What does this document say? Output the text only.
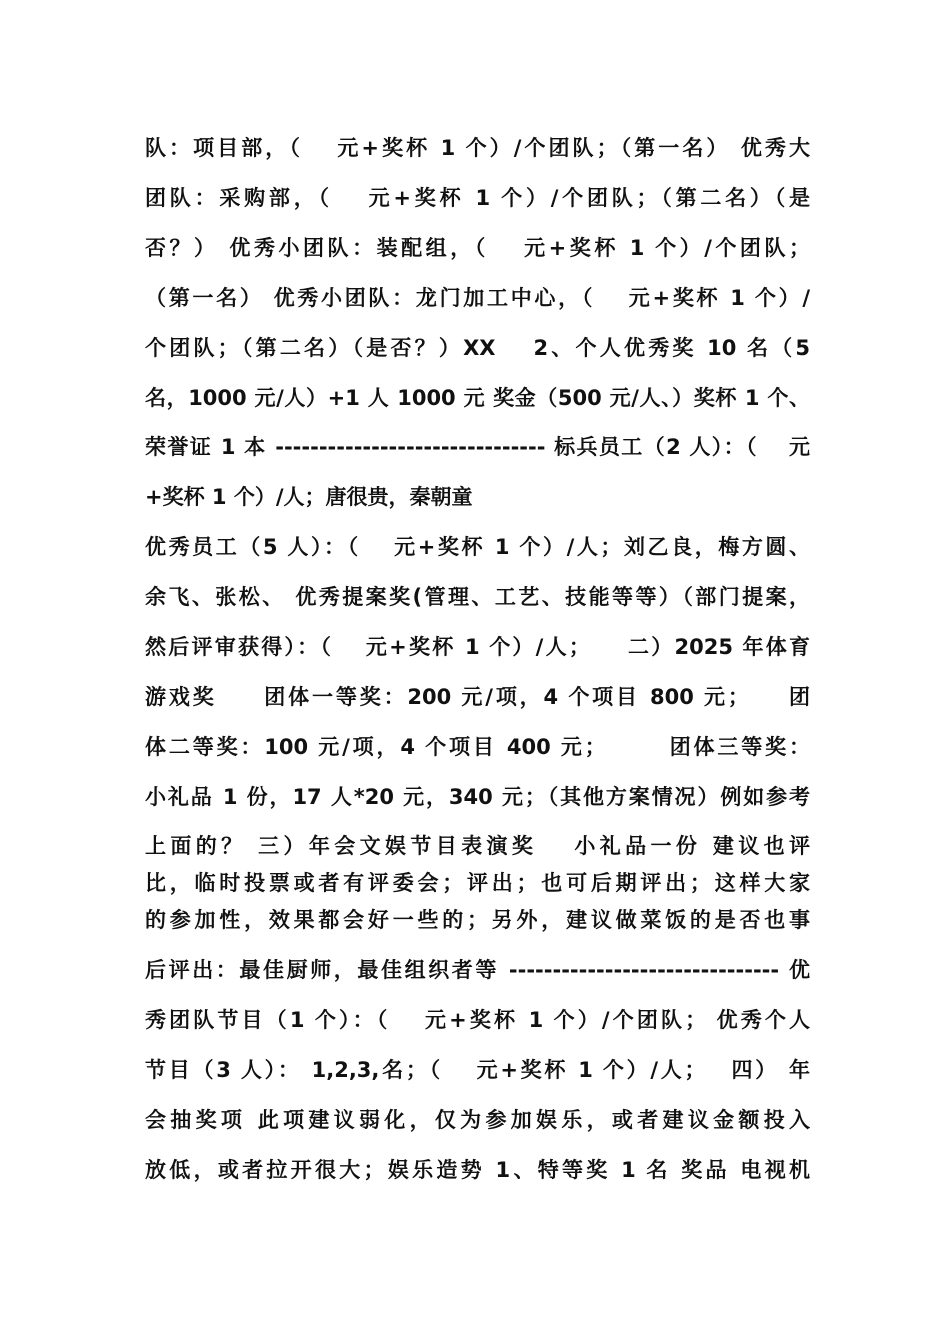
队：项目部，（　 元+奖杯 1 个）/个团队；（第一名） 优秀大
团队：采购部，（　 元+奖杯 1 个）/个团队；（第二名）（是
否？） 优秀小团队：装配组，（　 元+奖杯 1 个）/个团队；
（第一名） 优秀小团队：龙门加工中心，（　 元+奖杯 1 个）/
个团队；（第二名）（是否？）XX　 2、个人优秀奖 10 名（5
名，1000 元/人）+1 人 1000 元 奖金（500 元/人、）奖杯 1 个、
荣誉证 1 本 ------------------------------- 标兵员工（2 人）：（　 元
+奖杯 1 个）/人；唐很贵，秦朝童
优秀员工（5 人）：（　 元+奖杯 1 个）/人；刘乙良，梅方圆、
余飞、张松、 优秀提案奖(管理、工艺、技能等等）（部门提案，
然后评审获得）：（　 元+奖杯 1 个）/人；　　二）2025 年体育
游戏奖　　团体一等奖：200 元/项，4 个项目 800 元；　　团
体二等奖：100 元/项，4 个项目 400 元；　　　团体三等奖：
小礼品 1 份，17 人*20 元，340 元；（其他方案情况）例如参考
上面的？ 三）年会文娱节目表演奖　 小礼品一份 建议也评
比，临时投票或者有评委会；评出；也可后期评出；这样大家
的参加性，效果都会好一些的；另外，建议做菜饭的是否也事
后评出：最佳厨师，最佳组织者等 ------------------------------- 优
秀团队节目（1 个）：（　 元+奖杯 1 个）/个团队； 优秀个人
节目（3 人）： 1,2,3,名；（　 元+奖杯 1 个）/人；　 四） 年
会抽奖项 此项建议弱化，仅为参加娱乐，或者建议金额投入
放低，或者拉开很大；娱乐造势 1、特等奖 1 名 奖品 电视机
